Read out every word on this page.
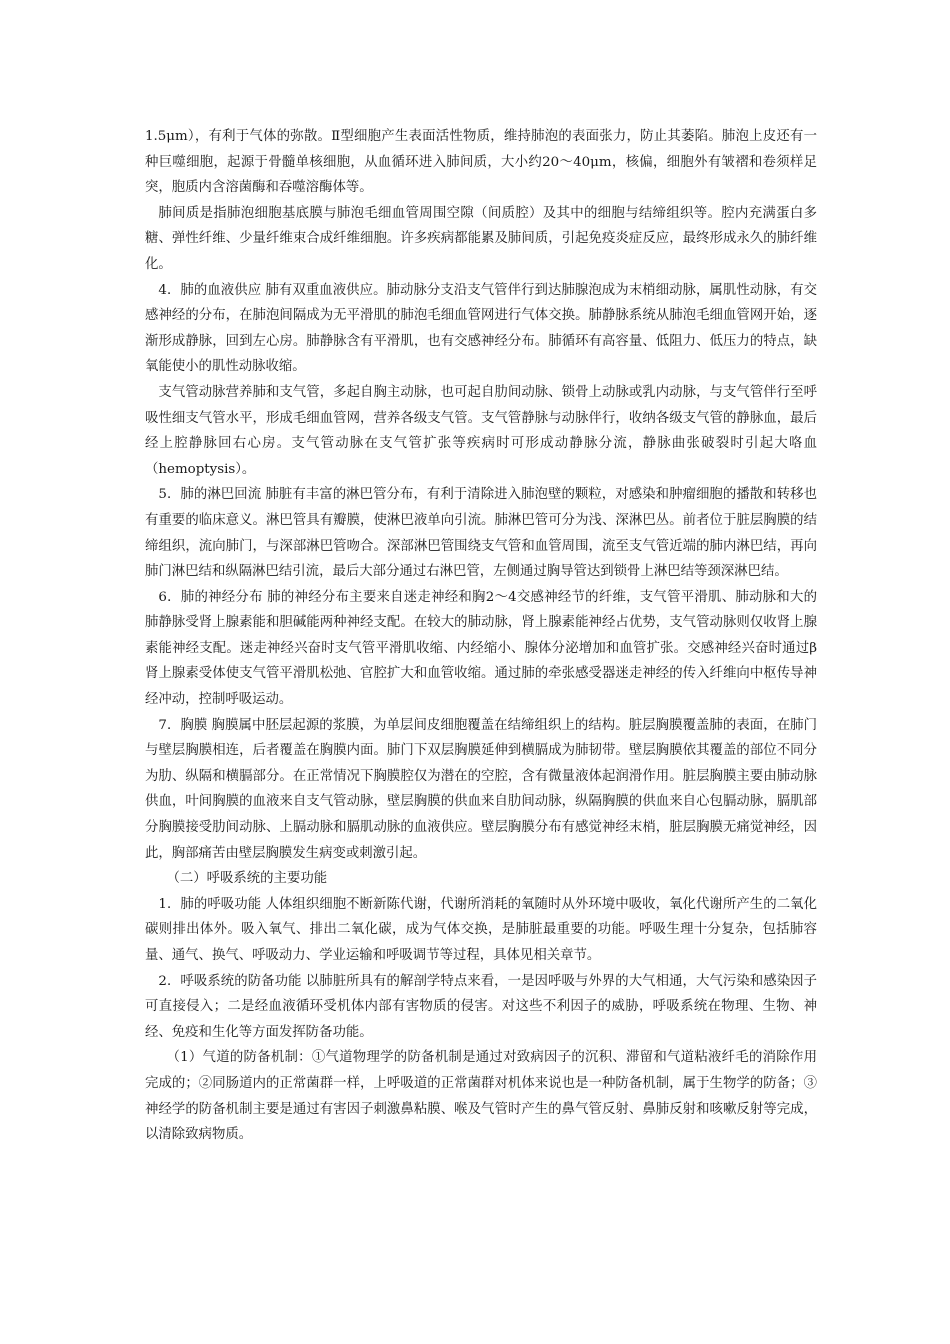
1.5μm），有利于气体的弥散。Ⅱ型细胞产生表面活性物质，维持肺泡的表面张力，防止其萎陷。肺泡上皮还有一种巨噬细胞，起源于骨髓单核细胞，从血循环进入肺间质，大小约20～40μm，核偏，细胞外有皱褶和卷须样足突，胞质内含溶菌酶和吞噬溶酶体等。

肺间质是指肺泡细胞基底膜与肺泡毛细血管周围空隙（间质腔）及其中的细胞与结缔组织等。腔内充满蛋白多糖、弹性纤维、少量纤维束合成纤维细胞。许多疾病都能累及肺间质，引起免疫炎症反应，最终形成永久的肺纤维化。

4．肺的血液供应 肺有双重血液供应。肺动脉分支沿支气管伴行到达肺腺泡成为末梢细动脉，属肌性动脉，有交感神经的分布，在肺泡间隔成为无平滑肌的肺泡毛细血管网进行气体交换。肺静脉系统从肺泡毛细血管网开始，逐渐形成静脉，回到左心房。肺静脉含有平滑肌，也有交感神经分布。肺循环有高容量、低阻力、低压力的特点，缺氧能使小的肌性动脉收缩。

支气管动脉营养肺和支气管，多起自胸主动脉，也可起自肋间动脉、锁骨上动脉或乳内动脉，与支气管伴行至呼吸性细支气管水平，形成毛细血管网，营养各级支气管。支气管静脉与动脉伴行，收纳各级支气管的静脉血，最后经上腔静脉回右心房。支气管动脉在支气管扩张等疾病时可形成动静脉分流，静脉曲张破裂时引起大咯血（hemoptysis）。

5．肺的淋巴回流 肺脏有丰富的淋巴管分布，有利于清除进入肺泡壁的颗粒，对感染和肿瘤细胞的播散和转移也有重要的临床意义。淋巴管具有瓣膜，使淋巴液单向引流。肺淋巴管可分为浅、深淋巴丛。前者位于脏层胸膜的结缔组织，流向肺门，与深部淋巴管吻合。深部淋巴管围绕支气管和血管周围，流至支气管近端的肺内淋巴结，再向肺门淋巴结和纵隔淋巴结引流，最后大部分通过右淋巴管，左侧通过胸导管达到锁骨上淋巴结等颈深淋巴结。

6．肺的神经分布 肺的神经分布主要来自迷走神经和胸2～4交感神经节的纤维，支气管平滑肌、肺动脉和大的肺静脉受肾上腺素能和胆碱能两种神经支配。在较大的肺动脉，肾上腺素能神经占优势，支气管动脉则仅收肾上腺素能神经支配。迷走神经兴奋时支气管平滑肌收缩、内经缩小、腺体分泌增加和血管扩张。交感神经兴奋时通过β肾上腺素受体使支气管平滑肌松弛、官腔扩大和血管收缩。通过肺的牵张感受器迷走神经的传入纤维向中枢传导神经冲动，控制呼吸运动。

7．胸膜 胸膜属中胚层起源的浆膜，为单层间皮细胞覆盖在结缔组织上的结构。脏层胸膜覆盖肺的表面，在肺门与壁层胸膜相连，后者覆盖在胸膜内面。肺门下双层胸膜延伸到横膈成为肺韧带。壁层胸膜依其覆盖的部位不同分为肋、纵隔和横膈部分。在正常情况下胸膜腔仅为潜在的空腔，含有微量液体起润滑作用。脏层胸膜主要由肺动脉供血，叶间胸膜的血液来自支气管动脉，壁层胸膜的供血来自肋间动脉，纵隔胸膜的供血来自心包膈动脉，膈肌部分胸膜接受肋间动脉、上膈动脉和膈肌动脉的血液供应。壁层胸膜分布有感觉神经末梢，脏层胸膜无痛觉神经，因此，胸部痛苦由壁层胸膜发生病变或刺激引起。

（二）呼吸系统的主要功能

1．肺的呼吸功能 人体组织细胞不断新陈代谢，代谢所消耗的氧随时从外环境中吸收，氧化代谢所产生的二氧化碳则排出体外。吸入氧气、排出二氧化碳，成为气体交换，是肺脏最重要的功能。呼吸生理十分复杂，包括肺容量、通气、换气、呼吸动力、学业运输和呼吸调节等过程，具体见相关章节。

2．呼吸系统的防备功能 以肺脏所具有的解剖学特点来看，一是因呼吸与外界的大气相通，大气污染和感染因子可直接侵入；二是经血液循环受机体内部有害物质的侵害。对这些不利因子的威胁，呼吸系统在物理、生物、神经、免疫和生化等方面发挥防备功能。

（1）气道的防备机制：①气道物理学的防备机制是通过对致病因子的沉积、滞留和气道粘液纤毛的消除作用完成的；②同肠道内的正常菌群一样，上呼吸道的正常菌群对机体来说也是一种防备机制，属于生物学的防备；③神经学的防备机制主要是通过有害因子刺激鼻粘膜、喉及气管时产生的鼻气管反射、鼻肺反射和咳嗽反射等完成，以清除致病物质。
